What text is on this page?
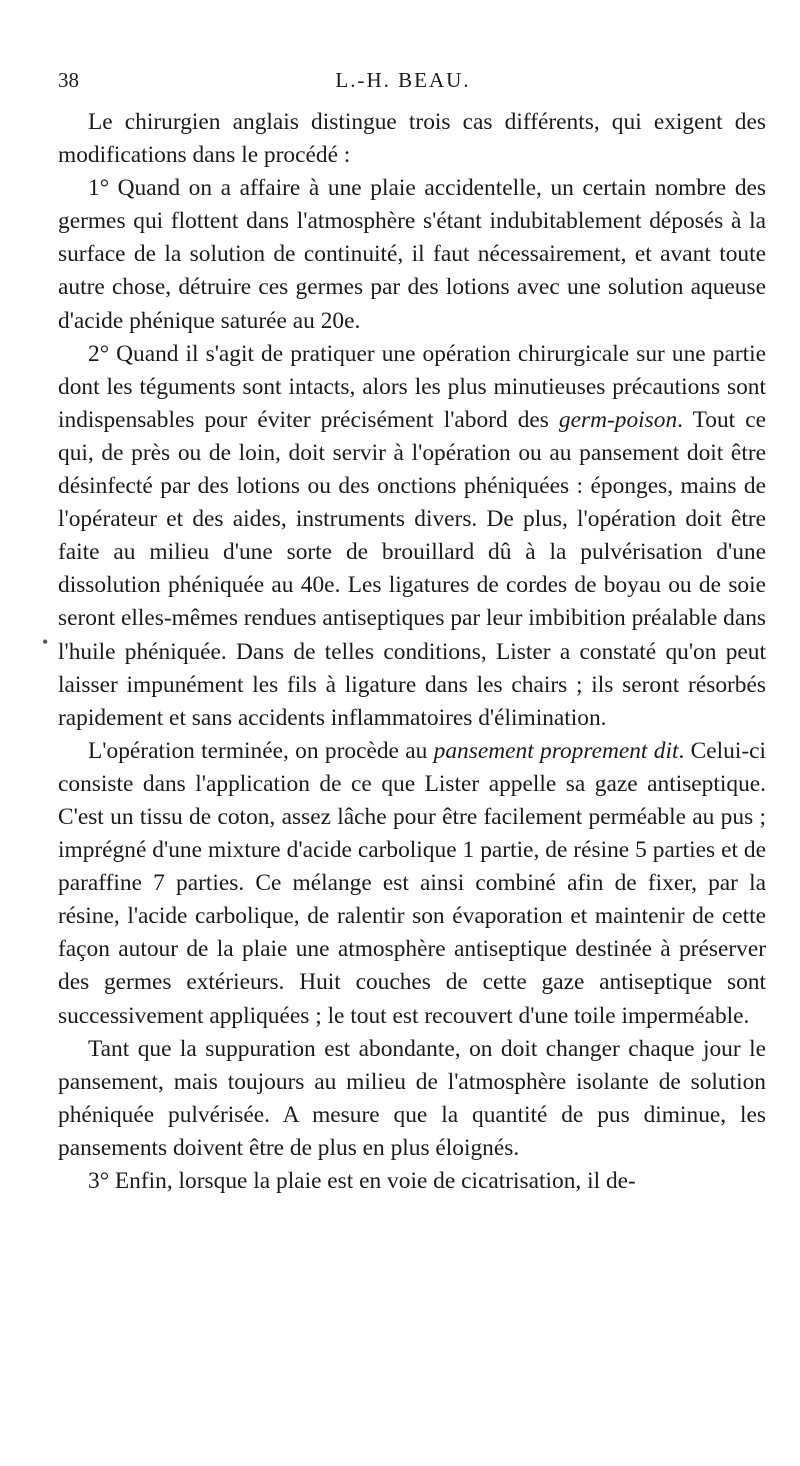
38	L.-H. BEAU.
•

Le chirurgien anglais distingue trois cas différents, qui exigent des modifications dans le procédé :

1° Quand on a affaire à une plaie accidentelle, un certain nombre des germes qui flottent dans l'atmosphère s'étant indubitablement déposés à la surface de la solution de continuité, il faut nécessairement, et avant toute autre chose, détruire ces germes par des lotions avec une solution aqueuse d'acide phénique saturée au 20e.

2° Quand il s'agit de pratiquer une opération chirurgicale sur une partie dont les téguments sont intacts, alors les plus minutieuses précautions sont indispensables pour éviter précisément l'abord des germ-poison. Tout ce qui, de près ou de loin, doit servir à l'opération ou au pansement doit être désinfecté par des lotions ou des onctions phéniquées : éponges, mains de l'opérateur et des aides, instruments divers. De plus, l'opération doit être faite au milieu d'une sorte de brouillard dû à la pulvérisation d'une dissolution phéniquée au 40e. Les ligatures de cordes de boyau ou de soie seront elles-mêmes rendues antiseptiques par leur imbibition préalable dans l'huile phéniquée. Dans de telles conditions, Lister a constaté qu'on peut laisser impunément les fils à ligature dans les chairs ; ils seront résorbés rapidement et sans accidents inflammatoires d'élimination.

L'opération terminée, on procède au pansement proprement dit. Celui-ci consiste dans l'application de ce que Lister appelle sa gaze antiseptique. C'est un tissu de coton, assez lâche pour être facilement perméable au pus ; imprégné d'une mixture d'acide carbolique 1 partie, de résine 5 parties et de paraffine 7 parties. Ce mélange est ainsi combiné afin de fixer, par la résine, l'acide carbolique, de ralentir son évaporation et maintenir de cette façon autour de la plaie une atmosphère antiseptique destinée à préserver des germes extérieurs. Huit couches de cette gaze antiseptique sont successivement appliquées ; le tout est recouvert d'une toile imperméable.

Tant que la suppuration est abondante, on doit changer chaque jour le pansement, mais toujours au milieu de l'atmosphère isolante de solution phéniquée pulvérisée. A mesure que la quantité de pus diminue, les pansements doivent être de plus en plus éloignés.

3° Enfin, lorsque la plaie est en voie de cicatrisation, il de-
